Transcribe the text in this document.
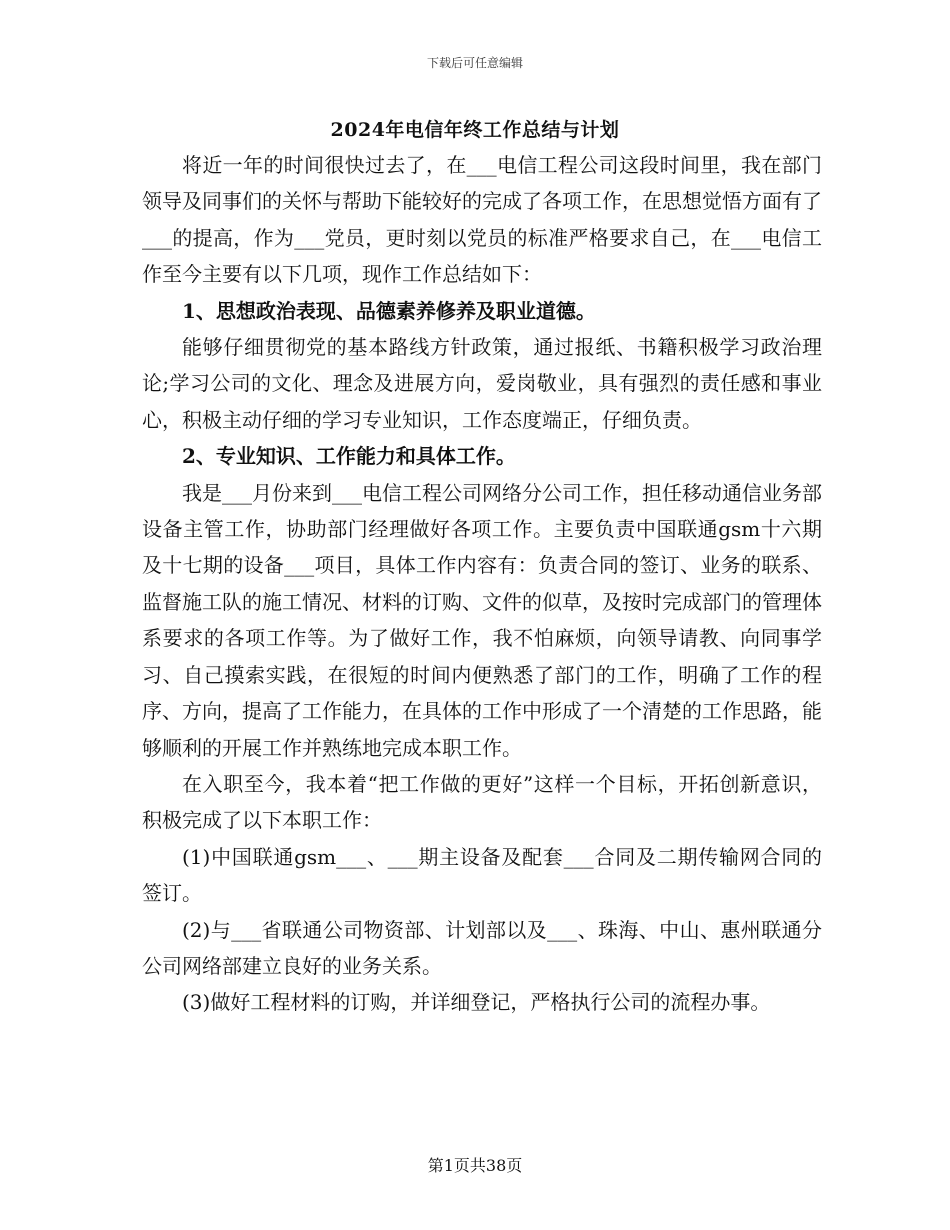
下载后可任意编辑
2024年电信年终工作总结与计划

将近一年的时间很快过去了，在___电信工程公司这段时间里，我在部门领导及同事们的关怀与帮助下能较好的完成了各项工作，在思想觉悟方面有了___的提高，作为___党员，更时刻以党员的标准严格要求自己，在___电信工作至今主要有以下几项，现作工作总结如下：

1、思想政治表现、品德素养修养及职业道德。

能够仔细贯彻党的基本路线方针政策，通过报纸、书籍积极学习政治理论;学习公司的文化、理念及进展方向，爱岗敬业，具有强烈的责任感和事业心，积极主动仔细的学习专业知识，工作态度端正，仔细负责。

2、专业知识、工作能力和具体工作。

我是___月份来到___电信工程公司网络分公司工作，担任移动通信业务部设备主管工作，协助部门经理做好各项工作。主要负责中国联通gsm十六期及十七期的设备___项目，具体工作内容有：负责合同的签订、业务的联系、监督施工队的施工情况、材料的订购、文件的似草，及按时完成部门的管理体系要求的各项工作等。为了做好工作，我不怕麻烦，向领导请教、向同事学习、自己摸索实践，在很短的时间内便熟悉了部门的工作，明确了工作的程序、方向，提高了工作能力，在具体的工作中形成了一个清楚的工作思路，能够顺利的开展工作并熟练地完成本职工作。

在入职至今，我本着“把工作做的更好”这样一个目标，开拓创新意识，积极完成了以下本职工作：

(1)中国联通gsm___、___期主设备及配套___合同及二期传输网合同的签订。

(2)与___省联通公司物资部、计划部以及___、珠海、中山、惠州联通分公司网络部建立良好的业务关系。

(3)做好工程材料的订购，并详细登记，严格执行公司的流程办事。

第1页共38页
